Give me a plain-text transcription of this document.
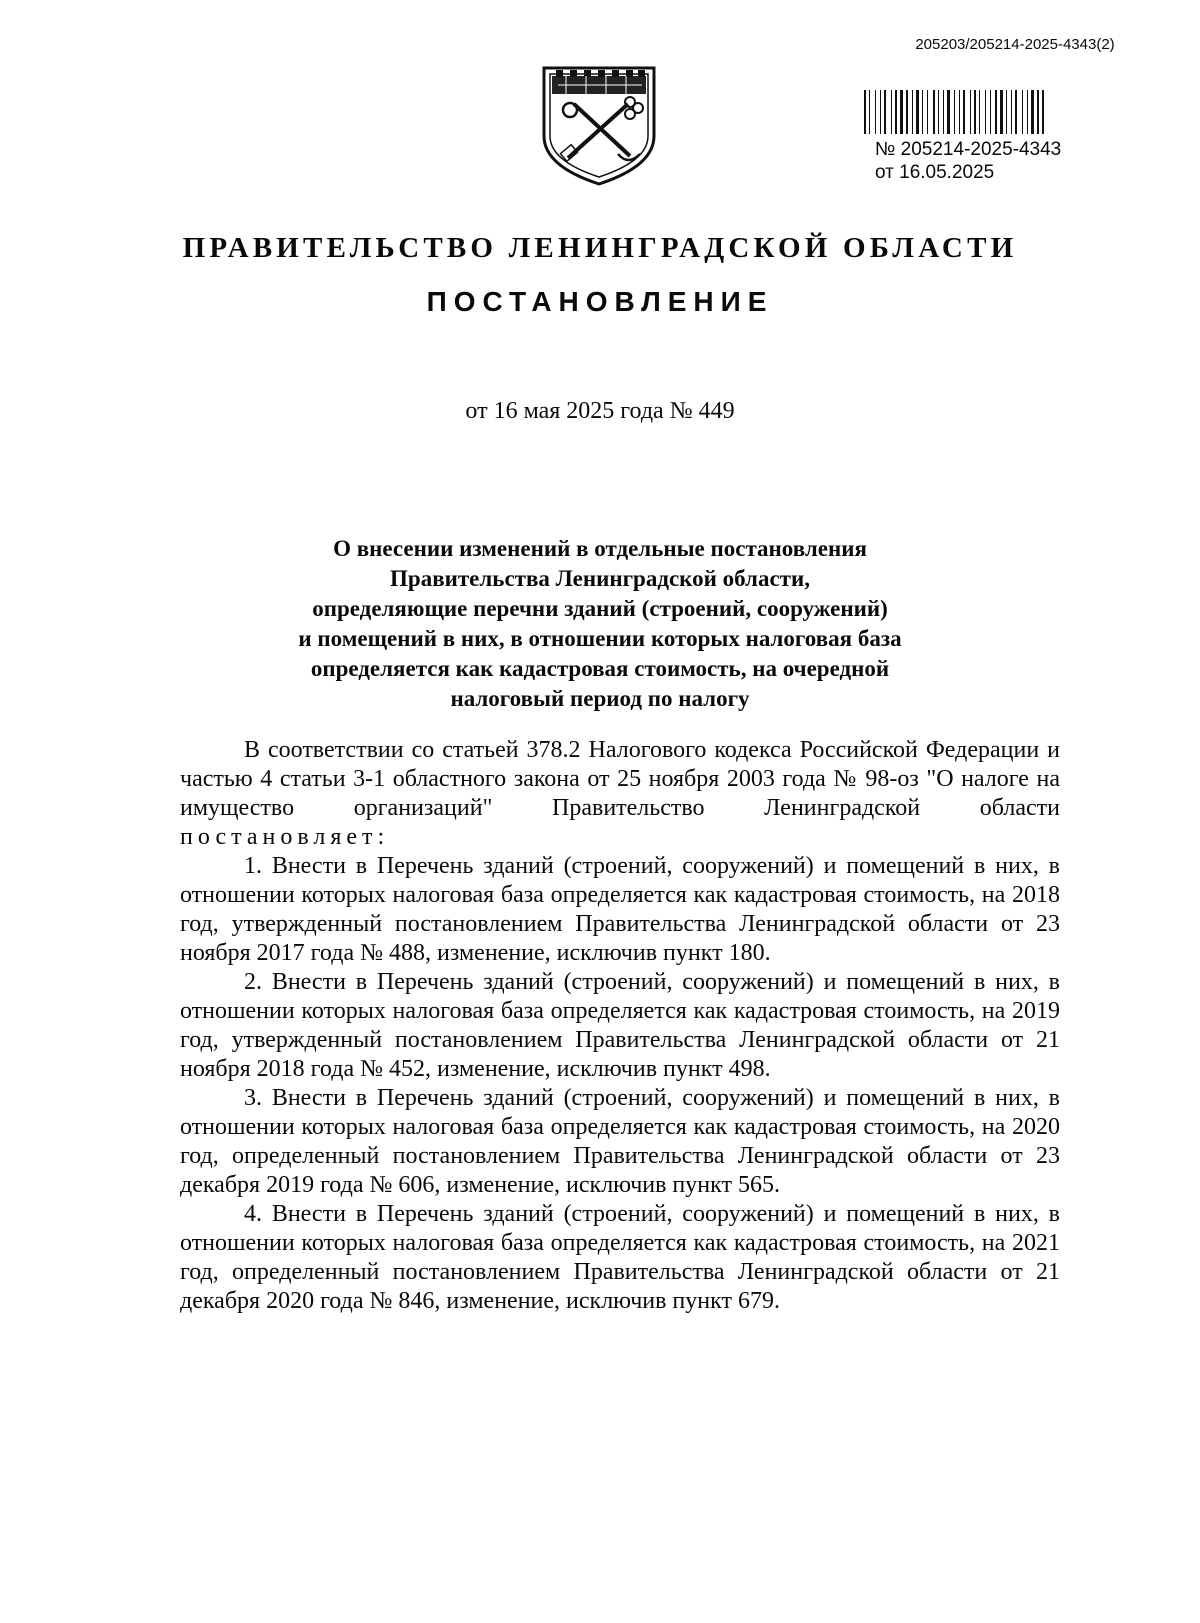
205203/205214-2025-4343(2)
№ 205214-2025-4343
от 16.05.2025
ПРАВИТЕЛЬСТВО ЛЕНИНГРАДСКОЙ ОБЛАСТИ
ПОСТАНОВЛЕНИЕ
от 16 мая 2025 года № 449
О внесении изменений в отдельные постановления
Правительства Ленинградской области,
определяющие перечни зданий (строений, сооружений)
и помещений в них, в отношении которых налоговая база
определяется как кадастровая стоимость, на очередной
налоговый период по налогу

В соответствии со статьей 378.2 Налогового кодекса Российской Федерации и частью 4 статьи 3-1 областного закона от 25 ноября 2003 года № 98-оз "О налоге на имущество организаций" Правительство Ленинградской области постановляет:

1. Внести в Перечень зданий (строений, сооружений) и помещений в них, в отношении которых налоговая база определяется как кадастровая стоимость, на 2018 год, утвержденный постановлением Правительства Ленинградской области от 23 ноября 2017 года № 488, изменение, исключив пункт 180.

2. Внести в Перечень зданий (строений, сооружений) и помещений в них, в отношении которых налоговая база определяется как кадастровая стоимость, на 2019 год, утвержденный постановлением Правительства Ленинградской области от 21 ноября 2018 года № 452, изменение, исключив пункт 498.

3. Внести в Перечень зданий (строений, сооружений) и помещений в них, в отношении которых налоговая база определяется как кадастровая стоимость, на 2020 год, определенный постановлением Правительства Ленинградской области от 23 декабря 2019 года № 606, изменение, исключив пункт 565.

4. Внести в Перечень зданий (строений, сооружений) и помещений в них, в отношении которых налоговая база определяется как кадастровая стоимость, на 2021 год, определенный постановлением Правительства Ленинградской области от 21 декабря 2020 года № 846, изменение, исключив пункт 679.
